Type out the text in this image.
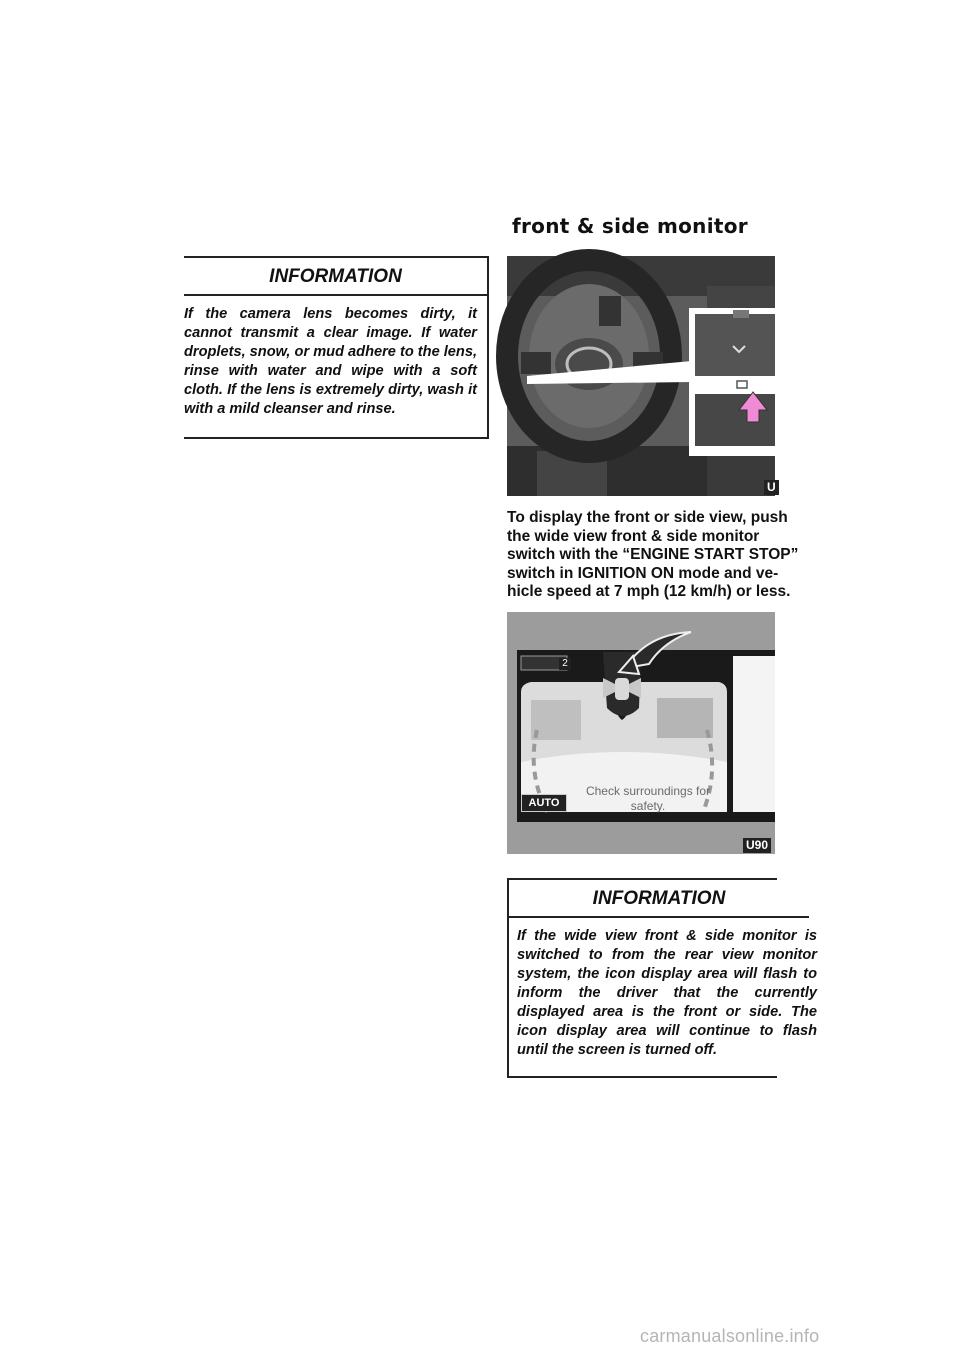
front & side monitor
INFORMATION

If the camera lens becomes dirty, it cannot transmit a clear image. If water droplets, snow, or mud adhere to the lens, rinse with water and wipe with a soft cloth. If the lens is extremely dirty, wash it with a mild cleanser and rinse.

U
To display the front or side view, push
the wide view front & side monitor
switch with the “ENGINE START STOP”
switch in IGNITION ON mode and ve-
hicle speed at 7 mph (12 km/h) or less.
Check surroundings for safety.
AUTO
2
U90
INFORMATION

If the wide view front & side monitor is switched to from the rear view monitor system, the icon display area will flash to inform the driver that the currently displayed area is the front or side. The icon display area will continue to flash until the screen is turned off.

carmanualsonline.info
